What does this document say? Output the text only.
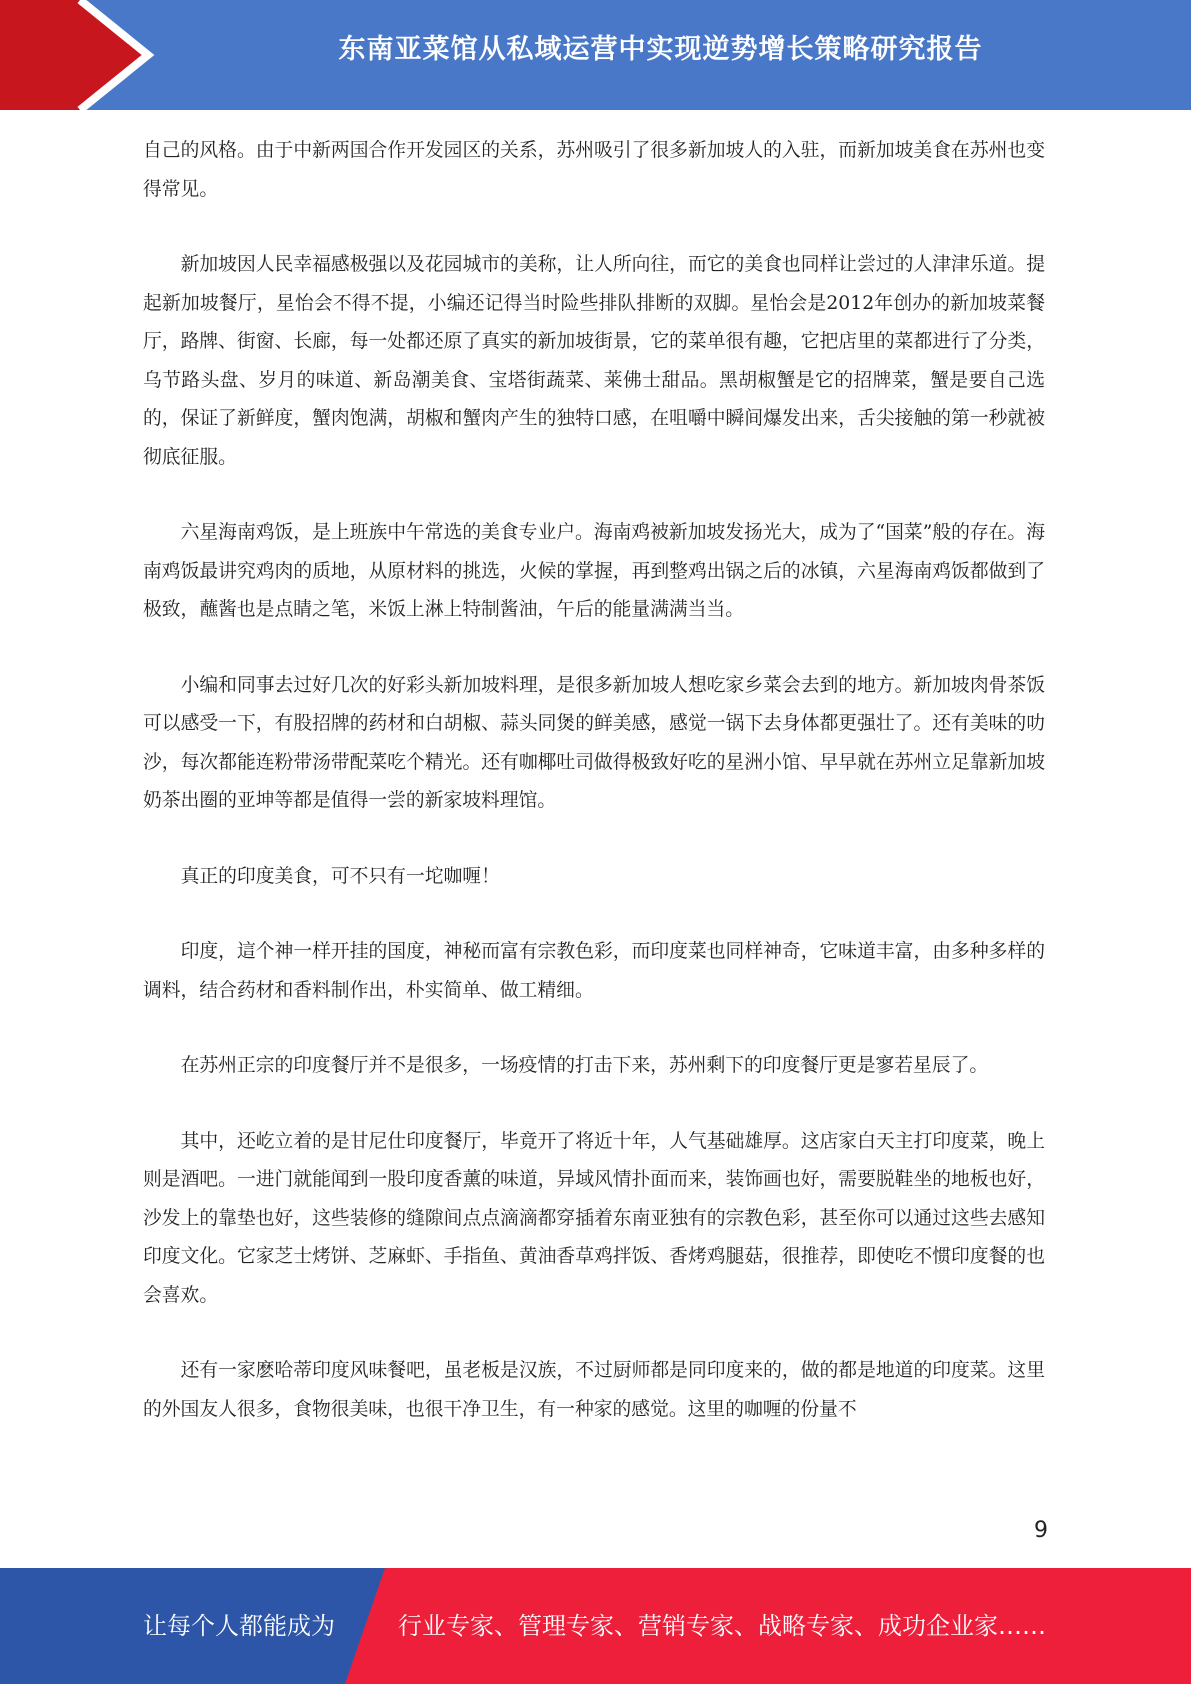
东南亚菜馆从私域运营中实现逆势增长策略研究报告

自己的风格。由于中新两国合作开发园区的关系，苏州吸引了很多新加坡人的入驻，而新加坡美食在苏州也变得常见。

新加坡因人民幸福感极强以及花园城市的美称，让人所向往，而它的美食也同样让尝过的人津津乐道。提起新加坡餐厅，星怡会不得不提，小编还记得当时险些排队排断的双脚。星怡会是2012年创办的新加坡菜餐厅，路牌、街窗、长廊，每一处都还原了真实的新加坡街景，它的菜单很有趣，它把店里的菜都进行了分类，乌节路头盘、岁月的味道、新岛潮美食、宝塔街蔬菜、莱佛士甜品。黑胡椒蟹是它的招牌菜，蟹是要自己选的，保证了新鲜度，蟹肉饱满，胡椒和蟹肉产生的独特口感，在咀嚼中瞬间爆发出来，舌尖接触的第一秒就被彻底征服。

六星海南鸡饭，是上班族中午常选的美食专业户。海南鸡被新加坡发扬光大，成为了“国菜”般的存在。海南鸡饭最讲究鸡肉的质地，从原材料的挑选，火候的掌握，再到整鸡出锅之后的冰镇，六星海南鸡饭都做到了极致，蘸酱也是点睛之笔，米饭上淋上特制酱油，午后的能量满满当当。

小编和同事去过好几次的好彩头新加坡料理，是很多新加坡人想吃家乡菜会去到的地方。新加坡肉骨茶饭可以感受一下，有股招牌的药材和白胡椒、蒜头同煲的鲜美感，感觉一锅下去身体都更强壮了。还有美味的叻沙，每次都能连粉带汤带配菜吃个精光。还有咖椰吐司做得极致好吃的星洲小馆、早早就在苏州立足靠新加坡奶茶出圈的亚坤等都是值得一尝的新家坡料理馆。

真正的印度美食，可不只有一坨咖喱！

印度，這个神一样开挂的国度，神秘而富有宗教色彩，而印度菜也同样神奇，它味道丰富，由多种多样的调料，结合药材和香料制作出，朴实简单、做工精细。

在苏州正宗的印度餐厅并不是很多，一场疫情的打击下来，苏州剩下的印度餐厅更是寥若星辰了。

其中，还屹立着的是甘尼仕印度餐厅，毕竟开了将近十年，人气基础雄厚。这店家白天主打印度菜，晚上则是酒吧。一进门就能闻到一股印度香薰的味道，异域风情扑面而来，装饰画也好，需要脱鞋坐的地板也好，沙发上的靠垫也好，这些装修的缝隙间点点滴滴都穿插着东南亚独有的宗教色彩，甚至你可以通过这些去感知印度文化。它家芝士烤饼、芝麻虾、手指鱼、黄油香草鸡拌饭、香烤鸡腿菇，很推荐，即使吃不惯印度餐的也会喜欢。

还有一家麽哈蒂印度风味餐吧，虽老板是汉族，不过厨师都是同印度来的，做的都是地道的印度菜。这里的外国友人很多，食物很美味，也很干净卫生，有一种家的感觉。这里的咖喱的份量不

9
让每个人都能成为	行业专家、管理专家、营销专家、战略专家、成功企业家……
